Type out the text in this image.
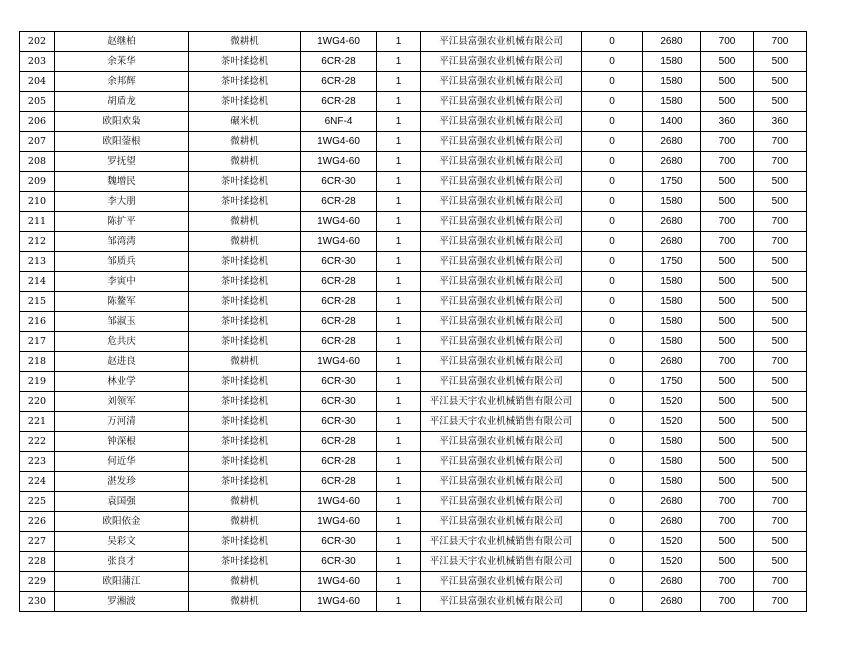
202	赵继柏	微耕机	1WG4-60	1	平江县富强农业机械有限公司	0	2680	700	700
203	余茉华	茶叶揉捻机	6CR-28	1	平江县富强农业机械有限公司	0	1580	500	500
204	余邦辉	茶叶揉捻机	6CR-28	1	平江县富强农业机械有限公司	0	1580	500	500
205	胡盾龙	茶叶揉捻机	6CR-28	1	平江县富强农业机械有限公司	0	1580	500	500
206	欧阳欢枭	碾米机	6NF-4	1	平江县富强农业机械有限公司	0	1400	360	360
207	欧阳蓥根	微耕机	1WG4-60	1	平江县富强农业机械有限公司	0	2680	700	700
208	罗抚望	微耕机	1WG4-60	1	平江县富强农业机械有限公司	0	2680	700	700
209	魏增民	茶叶揉捻机	6CR-30	1	平江县富强农业机械有限公司	0	1750	500	500
210	李大朋	茶叶揉捻机	6CR-28	1	平江县富强农业机械有限公司	0	1580	500	500
211	陈扩平	微耕机	1WG4-60	1	平江县富强农业机械有限公司	0	2680	700	700
212	邹湾湾	微耕机	1WG4-60	1	平江县富强农业机械有限公司	0	2680	700	700
213	邹质兵	茶叶揉捻机	6CR-30	1	平江县富强农业机械有限公司	0	1750	500	500
214	李寅中	茶叶揉捻机	6CR-28	1	平江县富强农业机械有限公司	0	1580	500	500
215	陈鳌军	茶叶揉捻机	6CR-28	1	平江县富强农业机械有限公司	0	1580	500	500
216	邹淑玉	茶叶揉捻机	6CR-28	1	平江县富强农业机械有限公司	0	1580	500	500
217	危共庆	茶叶揉捻机	6CR-28	1	平江县富强农业机械有限公司	0	1580	500	500
218	赵进良	微耕机	1WG4-60	1	平江县富强农业机械有限公司	0	2680	700	700
219	林业学	茶叶揉捻机	6CR-30	1	平江县富强农业机械有限公司	0	1750	500	500
220	刘领军	茶叶揉捻机	6CR-30	1	平江县天宇农业机械销售有限公司	0	1520	500	500
221	万河清	茶叶揉捻机	6CR-30	1	平江县天宇农业机械销售有限公司	0	1520	500	500
222	钟深根	茶叶揉捻机	6CR-28	1	平江县富强农业机械有限公司	0	1580	500	500
223	何近华	茶叶揉捻机	6CR-28	1	平江县富强农业机械有限公司	0	1580	500	500
224	湛发珍	茶叶揉捻机	6CR-28	1	平江县富强农业机械有限公司	0	1580	500	500
225	袁国强	微耕机	1WG4-60	1	平江县富强农业机械有限公司	0	2680	700	700
226	欧阳依金	微耕机	1WG4-60	1	平江县富强农业机械有限公司	0	2680	700	700
227	吴彩文	茶叶揉捻机	6CR-30	1	平江县天宇农业机械销售有限公司	0	1520	500	500
228	张良才	茶叶揉捻机	6CR-30	1	平江县天宇农业机械销售有限公司	0	1520	500	500
229	欧阳蒲江	微耕机	1WG4-60	1	平江县富强农业机械有限公司	0	2680	700	700
230	罗湘波	微耕机	1WG4-60	1	平江县富强农业机械有限公司	0	2680	700	700
